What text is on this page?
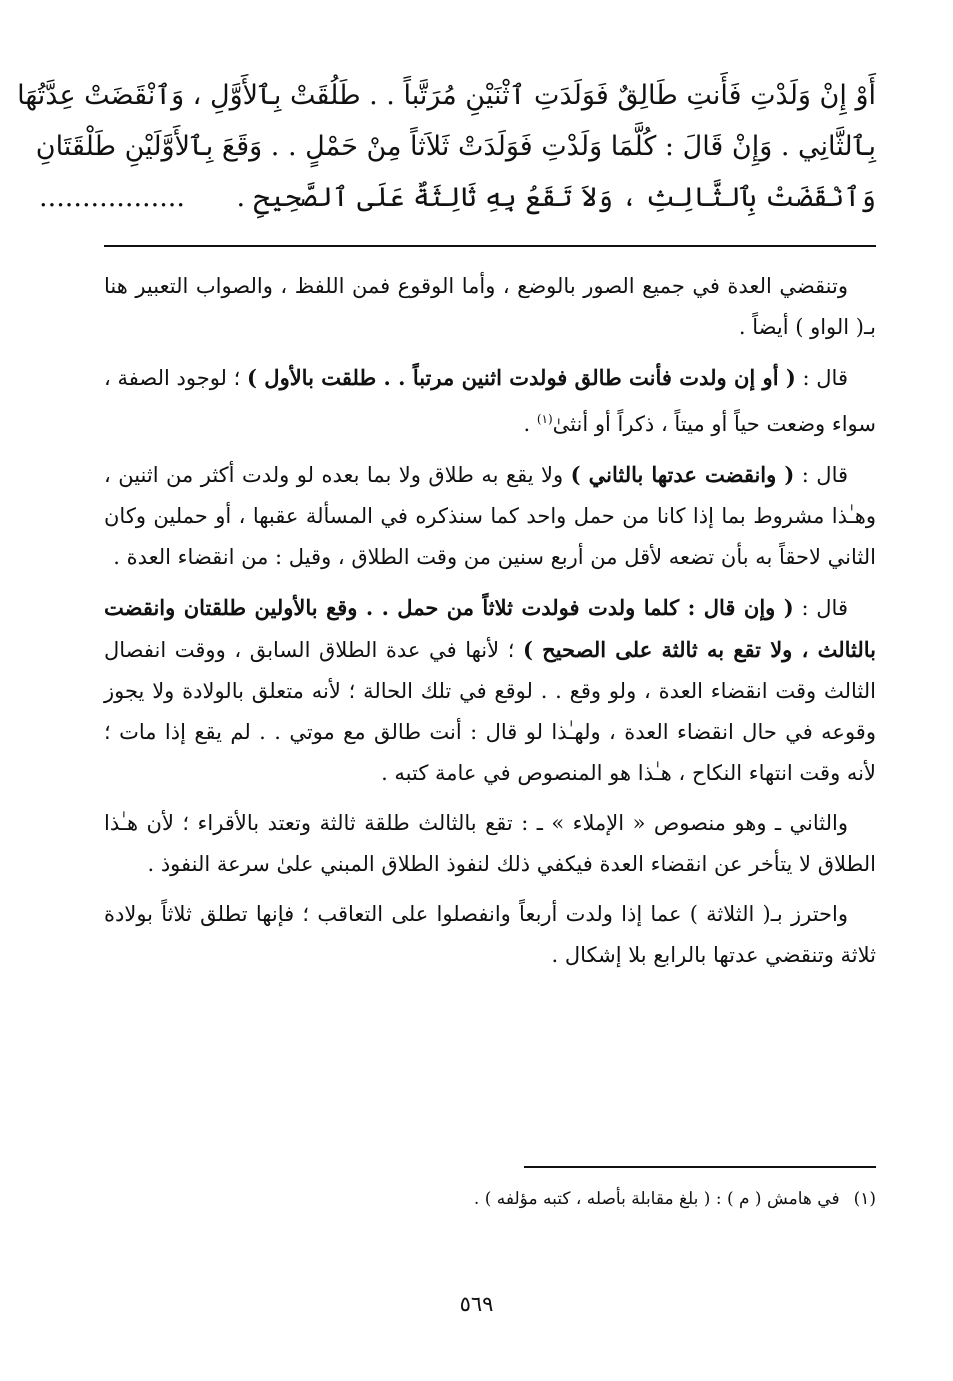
أَوْ إِنْ وَلَدْتِ فَأَنتِ طَالِقٌ فَوَلَدَتِ ٱثْنَيْنِ مُرَتَّباً . . طَلُقَتْ بِٱلأَوَّلِ ، وَٱنْقَضَتْ عِدَّتُهَا
بِٱلثَّانِي . وَإِنْ قَالَ : كُلَّمَا وَلَدْتِ فَوَلَدَتْ ثَلاَثاً مِنْ حَمْلٍ . . وَقَعَ بِٱلأَوَّلَيْنِ طَلْقَتَانِ
وَٱنْقَضَتْ بِٱلثَّالِثِ ، وَلاَ تَقَعُ بِهِ ثَالِثَةٌ عَلَى ٱلصَّحِيحِ .      .................

وتنقضي العدة في جميع الصور بالوضع ، وأما الوقوع فمن اللفظ ، والصواب التعبير هنا بـ( الواو ) أيضاً .

قال : ( أو إن ولدت فأنت طالق فولدت اثنين مرتباً . . طلقت بالأول ) ؛ لوجود الصفة ، سواء وضعت حياً أو ميتاً ، ذكراً أو أنثىٰ$^{(١)}$ .

قال : ( وانقضت عدتها بالثاني ) ولا يقع به طلاق ولا بما بعده لو ولدت أكثر من اثنين ، وهـٰذا مشروط بما إذا كانا من حمل واحد كما سنذكره في المسألة عقبها ، أو حملين وكان الثاني لاحقاً به بأن تضعه لأقل من أربع سنين من وقت الطلاق ، وقيل : من انقضاء العدة .

قال : ( وإن قال : كلما ولدت فولدت ثلاثاً من حمل . . وقع بالأولين طلقتان وانقضت بالثالث ، ولا تقع به ثالثة على الصحيح ) ؛ لأنها في عدة الطلاق السابق ، ووقت انفصال الثالث وقت انقضاء العدة ، ولو وقع . . لوقع في تلك الحالة ؛ لأنه متعلق بالولادة ولا يجوز وقوعه في حال انقضاء العدة ، ولهـٰذا لو قال : أنت طالق مع موتي . . لم يقع إذا مات ؛ لأنه وقت انتهاء النكاح ، هـٰذا هو المنصوص في عامة كتبه .

والثاني ـ وهو منصوص « الإملاء » ـ : تقع بالثالث طلقة ثالثة وتعتد بالأقراء ؛ لأن هـٰذا الطلاق لا يتأخر عن انقضاء العدة فيكفي ذلك لنفوذ الطلاق المبني علىٰ سرعة النفوذ .

واحترز بـ( الثلاثة ) عما إذا ولدت أربعاً وانفصلوا على التعاقب ؛ فإنها تطلق ثلاثاً بولادة ثلاثة وتنقضي عدتها بالرابع بلا إشكال .

(١)في هامش ( م ) : ( بلغ مقابلة بأصله ، كتبه مؤلفه ) .
٥٦٩
